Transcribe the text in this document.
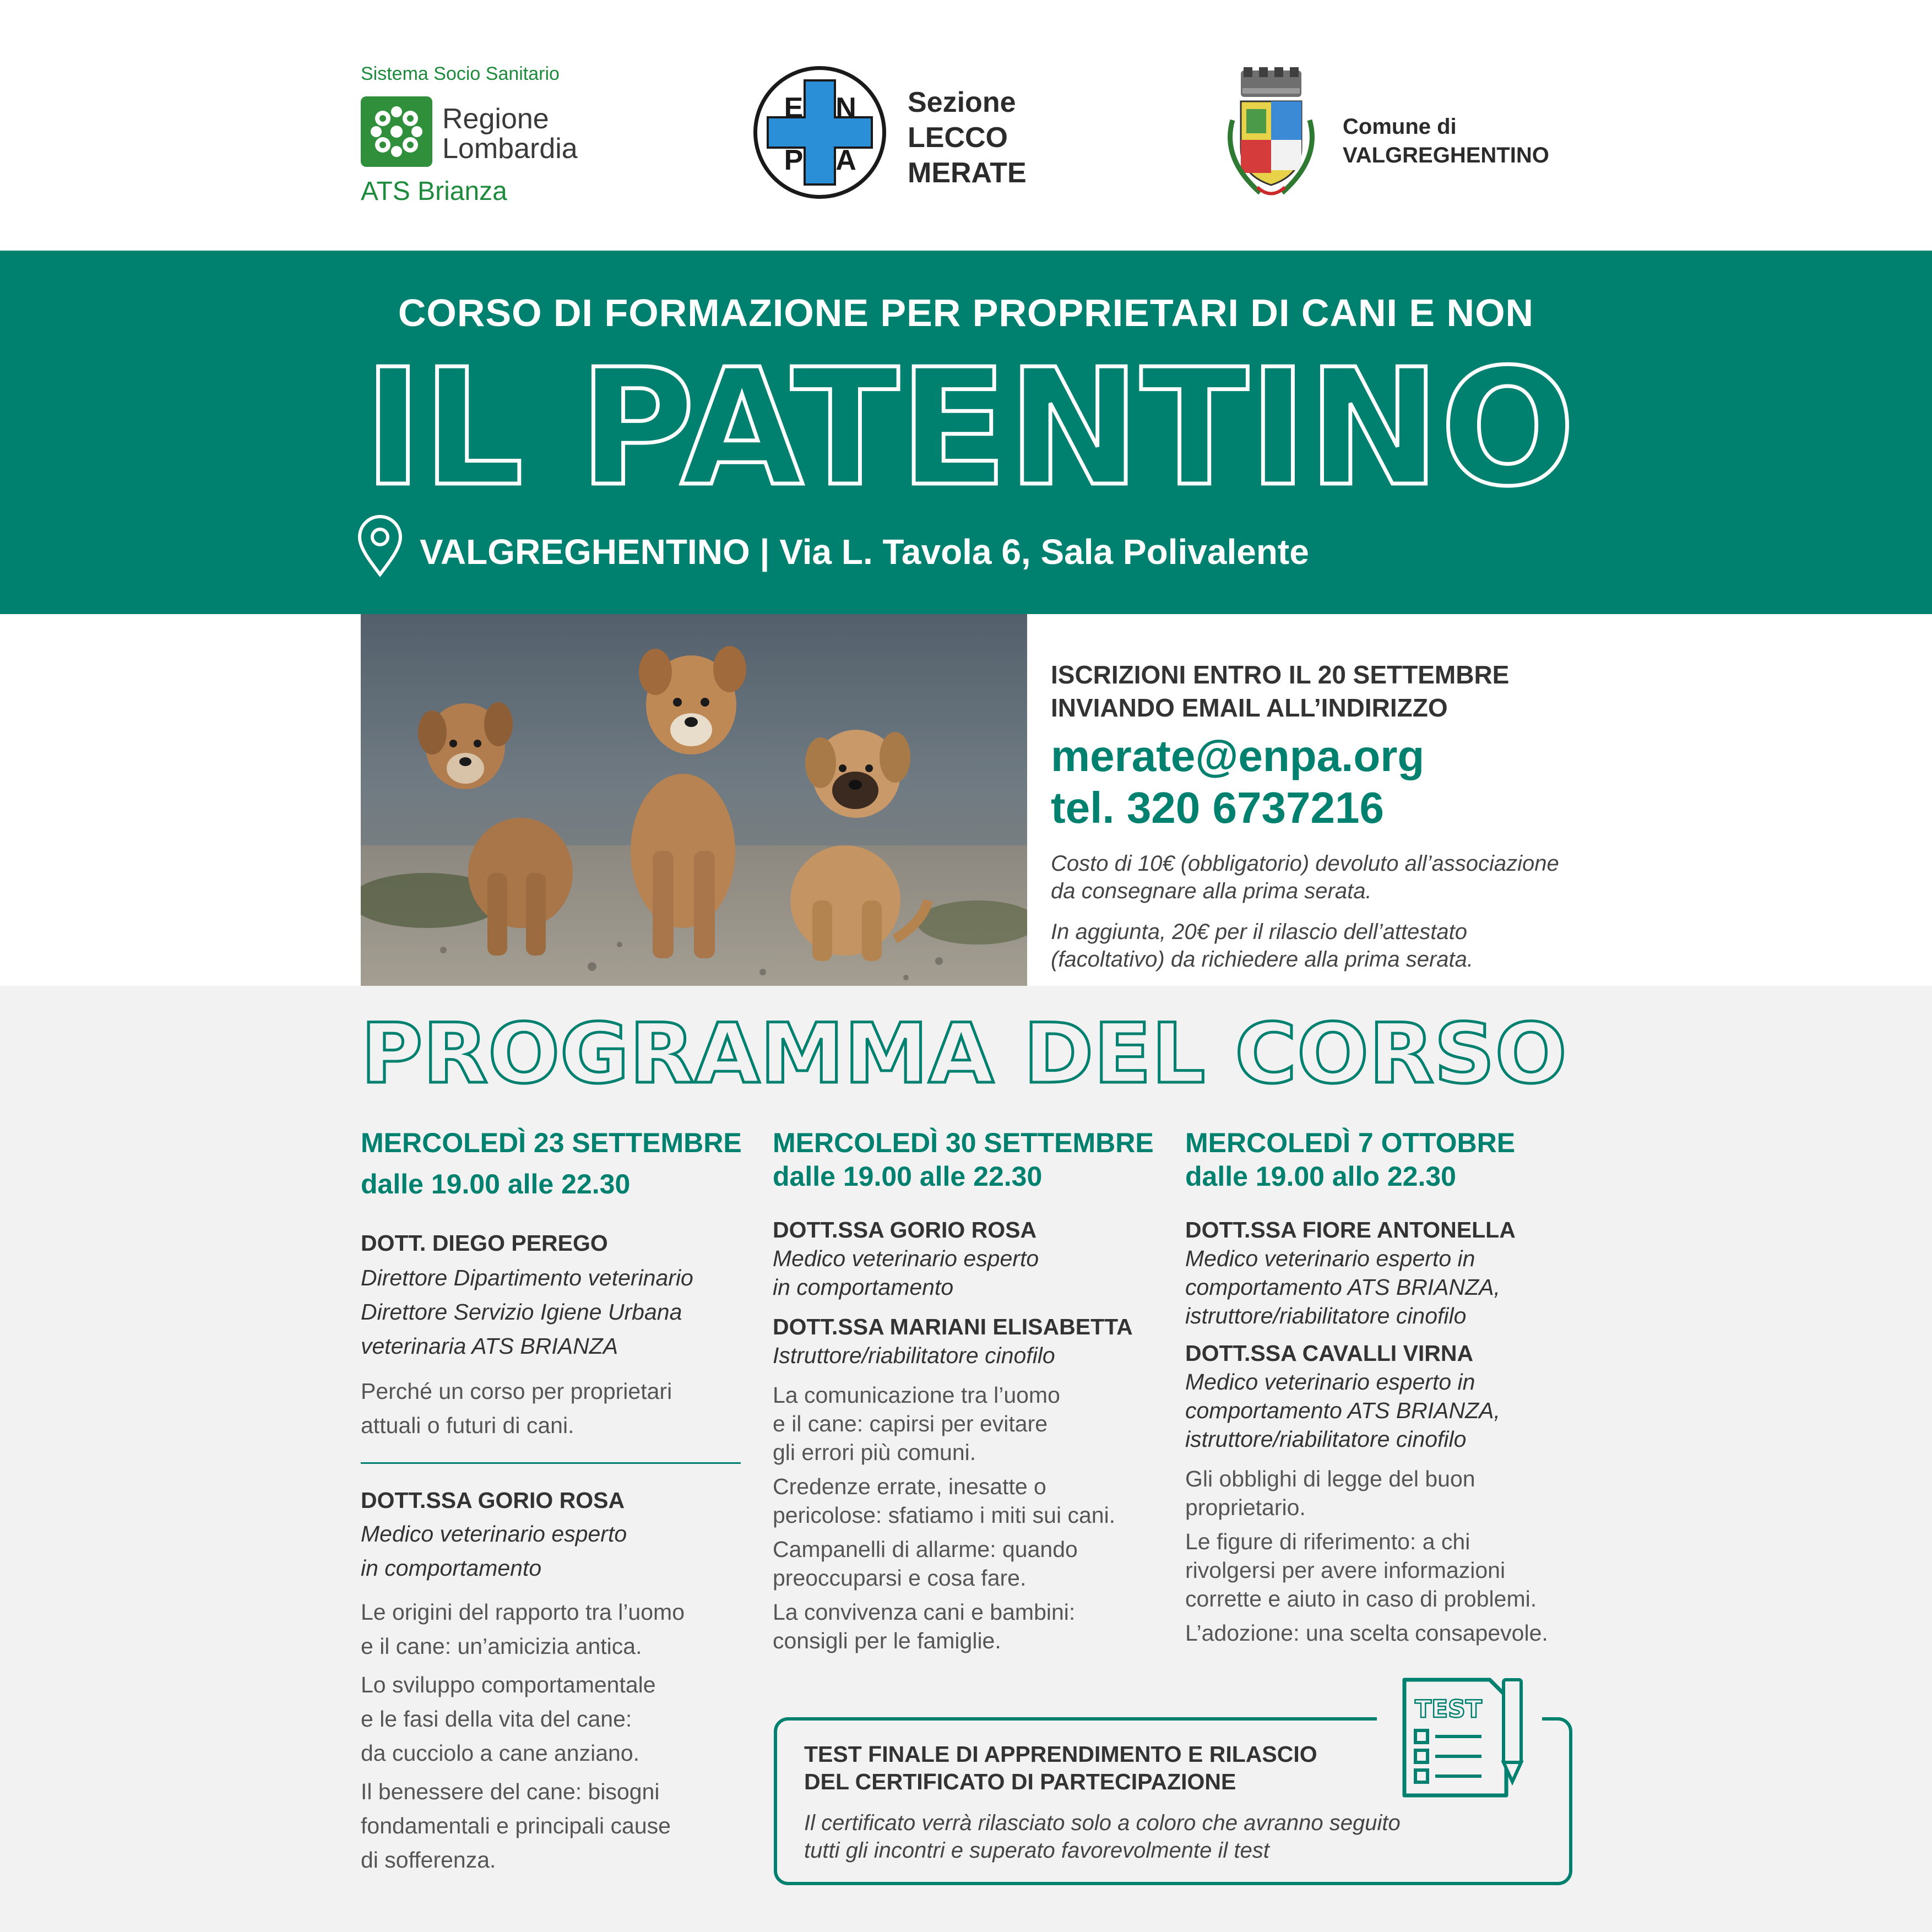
Sistema Socio Sanitario
Regione
Lombardia
ATS Brianza
E N
P A
Sezione
LECCO
MERATE
Comune di
VALGREGHENTINO
CORSO DI FORMAZIONE PER PROPRIETARI DI CANI E NON
IL PATENTINO
VALGREGHENTINO | Via L. Tavola 6, Sala Polivalente
ISCRIZIONI ENTRO IL 20 SETTEMBRE
INVIANDO EMAIL ALL’INDIRIZZO
merate@enpa.org
tel. 320 6737216
Costo di 10€ (obbligatorio) devoluto all’associazione
da consegnare alla prima serata.
In aggiunta, 20€ per il rilascio dell’attestato
(facoltativo) da richiedere alla prima serata.
PROGRAMMA DEL CORSO
MERCOLEDÌ 23 SETTEMBRE
dalle 19.00 alle 22.30
DOTT. DIEGO PEREGO
Direttore Dipartimento veterinario
Direttore Servizio Igiene Urbana
veterinaria ATS BRIANZA
Perché un corso per proprietari
attuali o futuri di cani.
DOTT.SSA GORIO ROSA
Medico veterinario esperto
in comportamento
Le origini del rapporto tra l’uomo
e il cane: un’amicizia antica.
Lo sviluppo comportamentale
e le fasi della vita del cane:
da cucciolo a cane anziano.
Il benessere del cane: bisogni
fondamentali e principali cause
di sofferenza.
MERCOLEDÌ 30 SETTEMBRE
dalle 19.00 alle 22.30
DOTT.SSA GORIO ROSA
Medico veterinario esperto
in comportamento
DOTT.SSA MARIANI ELISABETTA
Istruttore/riabilitatore cinofilo
La comunicazione tra l’uomo
e il cane: capirsi per evitare
gli errori più comuni.
Credenze errate, inesatte o
pericolose: sfatiamo i miti sui cani.
Campanelli di allarme: quando
preoccuparsi e cosa fare.
La convivenza cani e bambini:
consigli per le famiglie.
MERCOLEDÌ 7 OTTOBRE
dalle 19.00 allo 22.30
DOTT.SSA FIORE ANTONELLA
Medico veterinario esperto in
comportamento ATS BRIANZA,
istruttore/riabilitatore cinofilo
DOTT.SSA CAVALLI VIRNA
Medico veterinario esperto in
comportamento ATS BRIANZA,
istruttore/riabilitatore cinofilo
Gli obblighi di legge del buon
proprietario.
Le figure di riferimento: a chi
rivolgersi per avere informazioni
corrette e aiuto in caso di problemi.
L’adozione: una scelta consapevole.
TEST
TEST FINALE DI APPRENDIMENTO E RILASCIO
DEL CERTIFICATO DI PARTECIPAZIONE
Il certificato verrà rilasciato solo a coloro che avranno seguito
tutti gli incontri e superato favorevolmente il test
